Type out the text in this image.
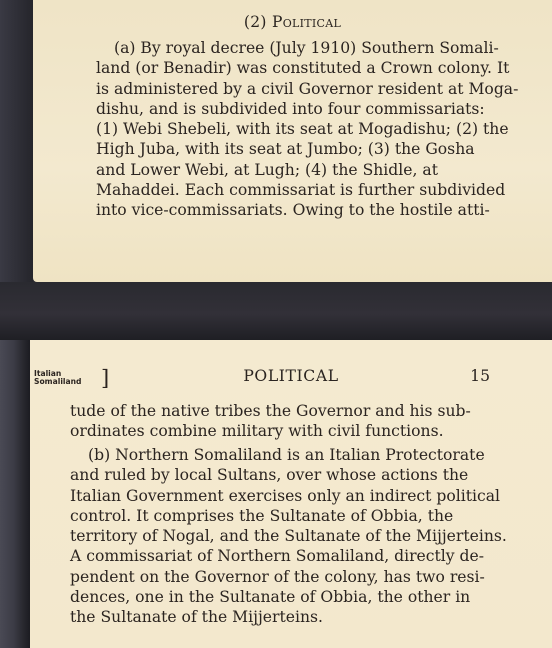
(2) Political
(a) By royal decree (July 1910) Southern Somali-
land (or Benadir) was constituted a Crown colony. It
is administered by a civil Governor resident at Moga-
dishu, and is subdivided into four commissariats:
(1) Webi Shebeli, with its seat at Mogadishu; (2) the
High Juba, with its seat at Jumbo; (3) the Gosha
and Lower Webi, at Lugh; (4) the Shidle, at
Mahaddei. Each commissariat is further subdivided
into vice-commissariats. Owing to the hostile atti-
Italian
Somaliland ]	POLITICAL	15
tude of the native tribes the Governor and his sub-
ordinates combine military with civil functions.
(b) Northern Somaliland is an Italian Protectorate
and ruled by local Sultans, over whose actions the
Italian Government exercises only an indirect political
control. It comprises the Sultanate of Obbia, the
territory of Nogal, and the Sultanate of the Mijjerteins.
A commissariat of Northern Somaliland, directly de-
pendent on the Governor of the colony, has two resi-
dences, one in the Sultanate of Obbia, the other in
the Sultanate of the Mijjerteins.
